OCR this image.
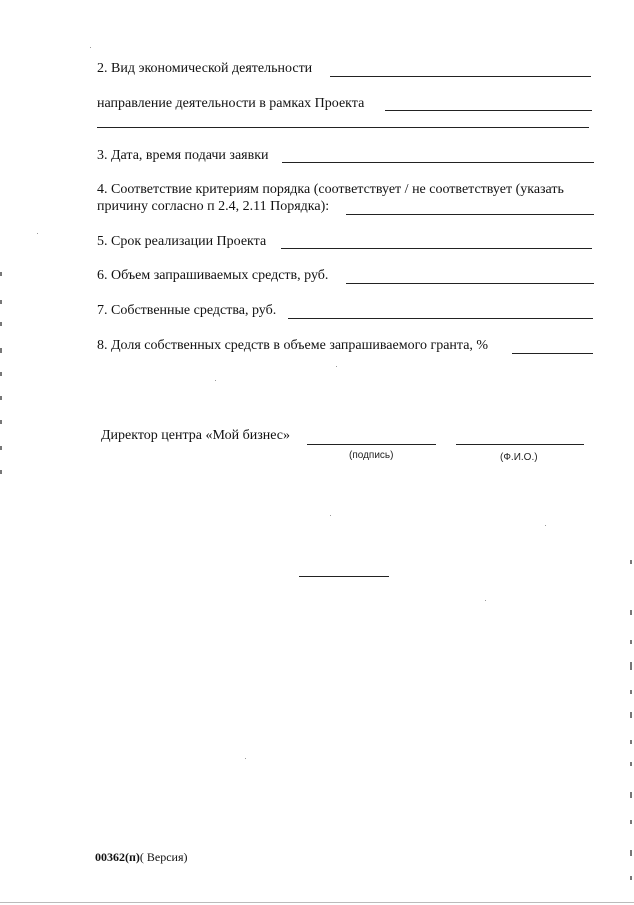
2. Вид экономической деятельности
направление деятельности в рамках Проекта
3. Дата, время подачи заявки
4. Соответствие критериям порядка (соответствует / не соответствует (указать
причину согласно п 2.4, 2.11 Порядка):
5. Срок реализации Проекта
6. Объем запрашиваемых средств, руб.
7. Собственные средства, руб.
8. Доля собственных средств в объеме запрашиваемого гранта, %
Директор центра «Мой бизнес»
(подпись)	(Ф.И.О.)
00362(п)( Версия)
